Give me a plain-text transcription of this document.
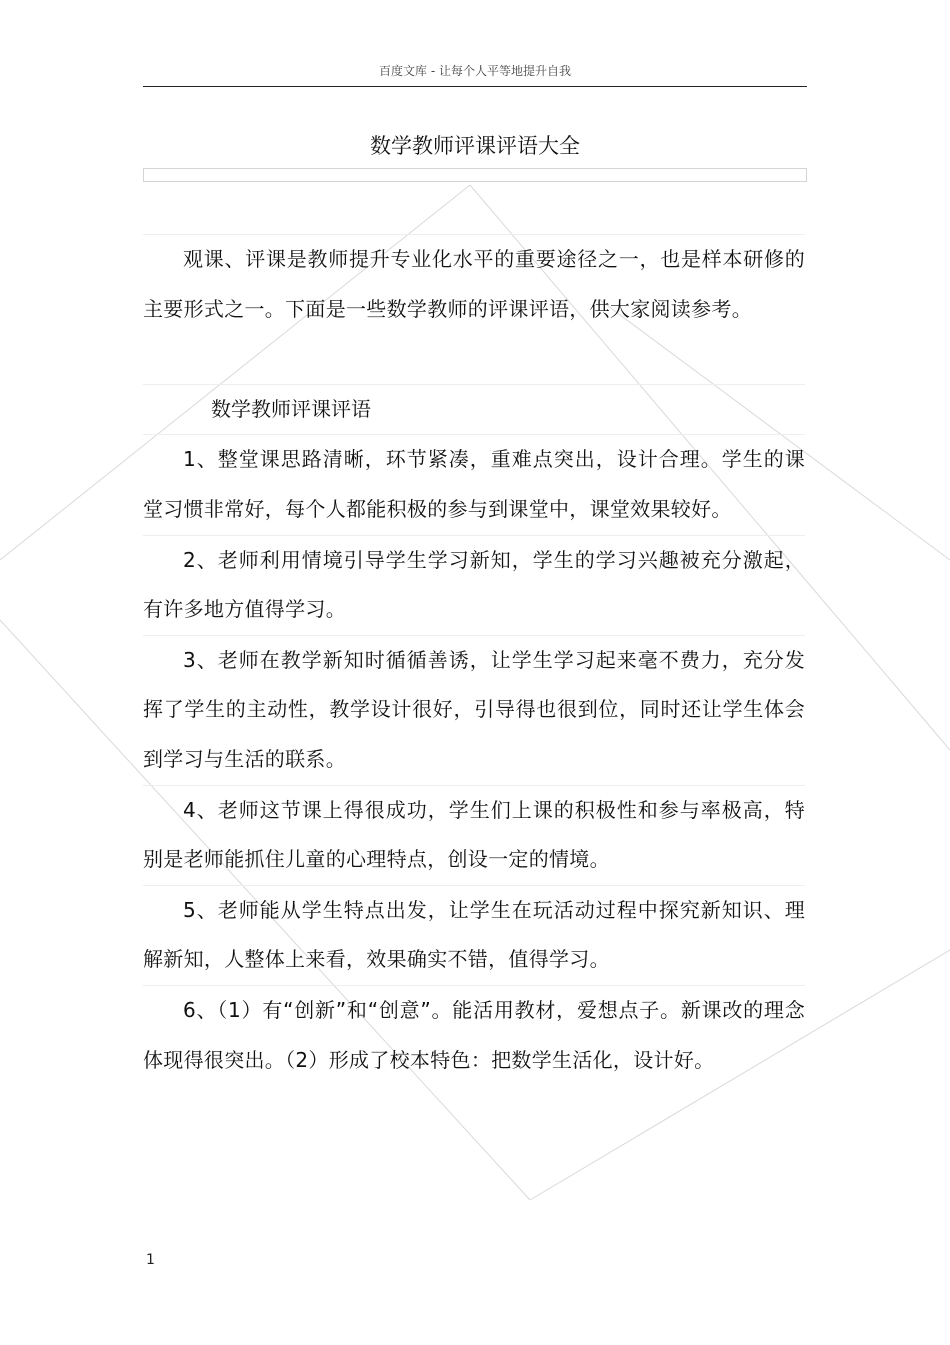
百度文库 - 让每个人平等地提升自我
数学教师评课评语大全

观课、评课是教师提升专业化水平的重要途径之一，也是样本研修的主要形式之一。下面是一些数学教师的评课评语，供大家阅读参考。

数学教师评课评语

1、整堂课思路清晰，环节紧凑，重难点突出，设计合理。学生的课堂习惯非常好，每个人都能积极的参与到课堂中，课堂效果较好。

2、老师利用情境引导学生学习新知，学生的学习兴趣被充分激起，有许多地方值得学习。

3、老师在教学新知时循循善诱，让学生学习起来毫不费力，充分发挥了学生的主动性，教学设计很好，引导得也很到位，同时还让学生体会到学习与生活的联系。

4、老师这节课上得很成功，学生们上课的积极性和参与率极高，特别是老师能抓住儿童的心理特点，创设一定的情境。

5、老师能从学生特点出发，让学生在玩活动过程中探究新知识、理解新知，人整体上来看，效果确实不错，值得学习。

6、（1）有“创新”和“创意”。能活用教材，爱想点子。新课改的理念体现得很突出。（2）形成了校本特色：把数学生活化，设计好。

1
